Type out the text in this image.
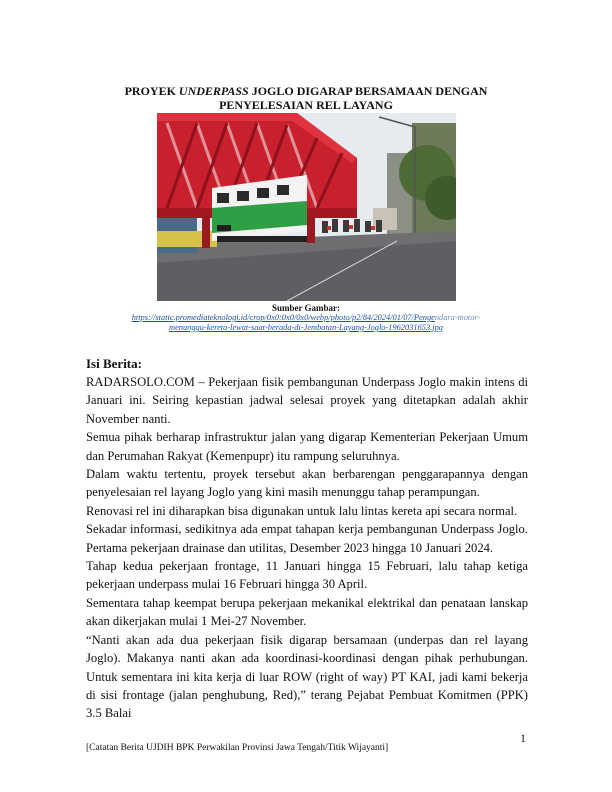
PROYEK UNDERPASS JOGLO DIGARAP BERSAMAAN DENGAN PENYELESAIAN REL LAYANG
Sumber Gambar:
https://static.promediateknologi.id/crop/0x0:0x0/0x0/webp/photo/p2/84/2024/01/07/Pengendara-motor-
menunggu-kereta-lewat-saat-berada-di-Jembatan-Layang-Joglo-1962031653.jpg
Isi Berita:

RADARSOLO.COM – Pekerjaan fisik pembangunan Underpass Joglo makin intens di Januari ini. Seiring kepastian jadwal selesai proyek yang ditetapkan adalah akhir November nanti.

Semua pihak berharap infrastruktur jalan yang digarap Kementerian Pekerjaan Umum dan Perumahan Rakyat (Kemenpupr) itu rampung seluruhnya.

Dalam waktu tertentu, proyek tersebut akan berbarengan penggarapannya dengan penyelesaian rel layang Joglo yang kini masih menunggu tahap perampungan.

Renovasi rel ini diharapkan bisa digunakan untuk lalu lintas kereta api secara normal.

Sekadar informasi, sedikitnya ada empat tahapan kerja pembangunan Underpass Joglo. Pertama pekerjaan drainase dan utilitas, Desember 2023 hingga 10 Januari 2024.

Tahap kedua pekerjaan frontage, 11 Januari hingga 15 Februari, lalu tahap ketiga pekerjaan underpass mulai 16 Februari hingga 30 April.

Sementara tahap keempat berupa pekerjaan mekanikal elektrikal dan penataan lanskap akan dikerjakan mulai 1 Mei-27 November.

“Nanti akan ada dua pekerjaan fisik digarap bersamaan (underpas dan rel layang Joglo). Makanya nanti akan ada koordinasi-koordinasi dengan pihak perhubungan. Untuk sementara ini kita kerja di luar ROW (right of way) PT KAI, jadi kami bekerja di sisi frontage (jalan penghubung, Red),” terang Pejabat Pembuat Komitmen (PPK) 3.5 Balai

1
[Catatan Berita UJDIH BPK Perwakilan Provinsi Jawa Tengah/Titik Wijayanti]
